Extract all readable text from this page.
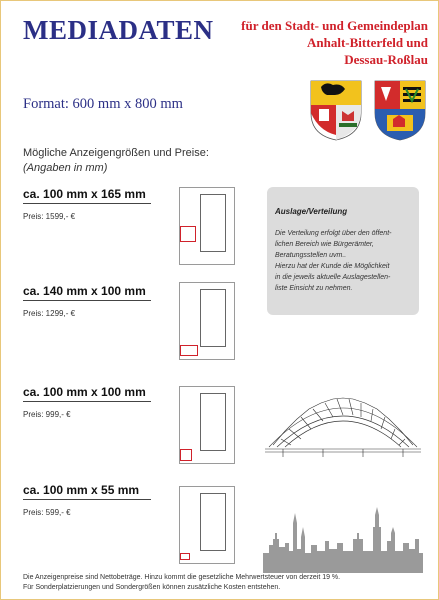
MEDIADATEN	für den Stadt- und Gemeindeplan
Anhalt-Bitterfeld und
Dessau-Roßlau
Format: 600 mm x 800 mm
Mögliche Anzeigengrößen und Preise:
(Angaben in mm)
ca. 100 mm x 165 mm
Preis: 1599,- €
ca. 140 mm x 100 mm
Preis: 1299,- €
ca. 100 mm x 100 mm
Preis: 999,- €
ca. 100 mm x 55 mm
Preis: 599,- €
Auslage/Verteilung
Die Verteilung erfolgt über den öffent-
lichen Bereich wie Bürgerämter,
Beratungsstellen uvm..
Hierzu hat der Kunde die Möglichkeit
in die jeweils aktuelle Auslagestellen-
liste Einsicht zu nehmen.
Die Anzeigenpreise sind Nettobeträge. Hinzu kommt die gesetzliche Mehrwertsteuer von derzeit 19 %.
Für Sonderplatzierungen und Sondergrößen können zusätzliche Kosten entstehen.
